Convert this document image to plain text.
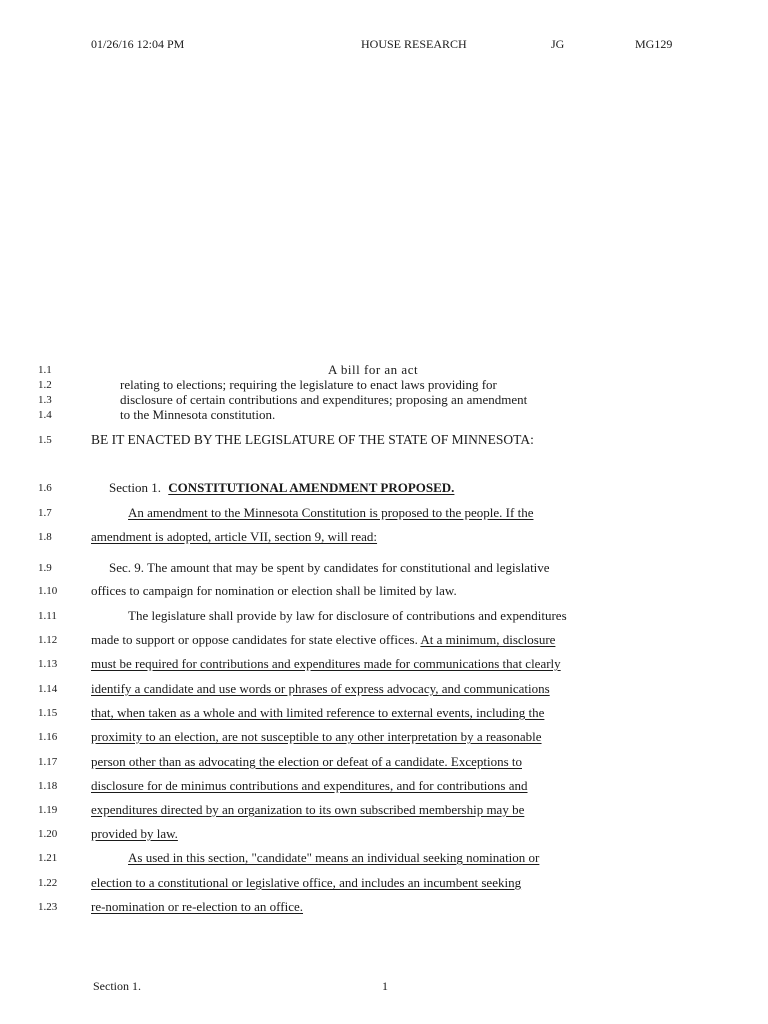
01/26/16 12:04 PM	HOUSE RESEARCH	JG	MG129
1.1
1.2
1.3
1.4
1.5
1.6
1.7
1.8
1.9
1.10
1.11
1.12
1.13
1.14
1.15
1.16
1.17
1.18
1.19
1.20
1.21
1.22
1.23
A bill for an act
relating to elections; requiring the legislature to enact laws providing for
disclosure of certain contributions and expenditures; proposing an amendment
to the Minnesota constitution.
BE IT ENACTED BY THE LEGISLATURE OF THE STATE OF MINNESOTA:
Section 1. CONSTITUTIONAL AMENDMENT PROPOSED.
An amendment to the Minnesota Constitution is proposed to the people. If the
amendment is adopted, article VII, section 9, will read:
Sec. 9. The amount that may be spent by candidates for constitutional and legislative
offices to campaign for nomination or election shall be limited by law.
The legislature shall provide by law for disclosure of contributions and expenditures
made to support or oppose candidates for state elective offices. At a minimum, disclosure
must be required for contributions and expenditures made for communications that clearly
identify a candidate and use words or phrases of express advocacy, and communications
that, when taken as a whole and with limited reference to external events, including the
proximity to an election, are not susceptible to any other interpretation by a reasonable
person other than as advocating the election or defeat of a candidate. Exceptions to
disclosure for de minimus contributions and expenditures, and for contributions and
expenditures directed by an organization to its own subscribed membership may be
provided by law.
As used in this section, "candidate" means an individual seeking nomination or
election to a constitutional or legislative office, and includes an incumbent seeking
re-nomination or re-election to an office.
Section 1.	1
